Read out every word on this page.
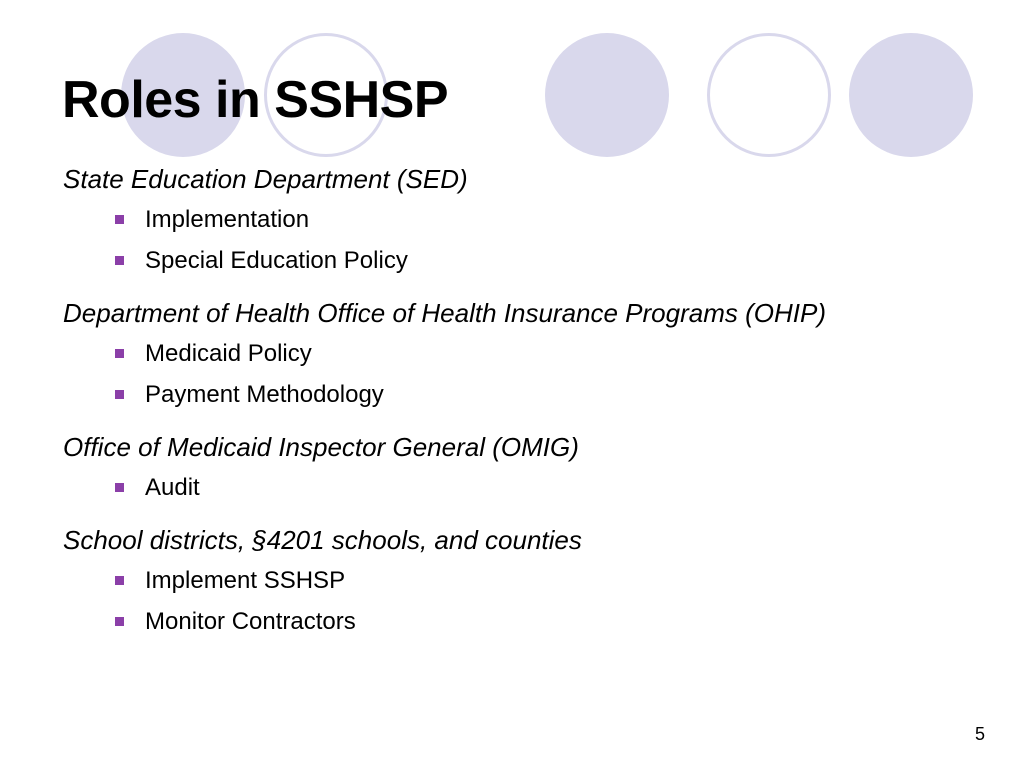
Roles in SSHSP
State Education Department (SED)
Implementation
Special Education Policy
Department of Health Office of Health Insurance Programs (OHIP)
Medicaid Policy
Payment Methodology
Office of Medicaid Inspector General (OMIG)
Audit
School districts, §4201 schools, and counties
Implement SSHSP
Monitor Contractors
5
